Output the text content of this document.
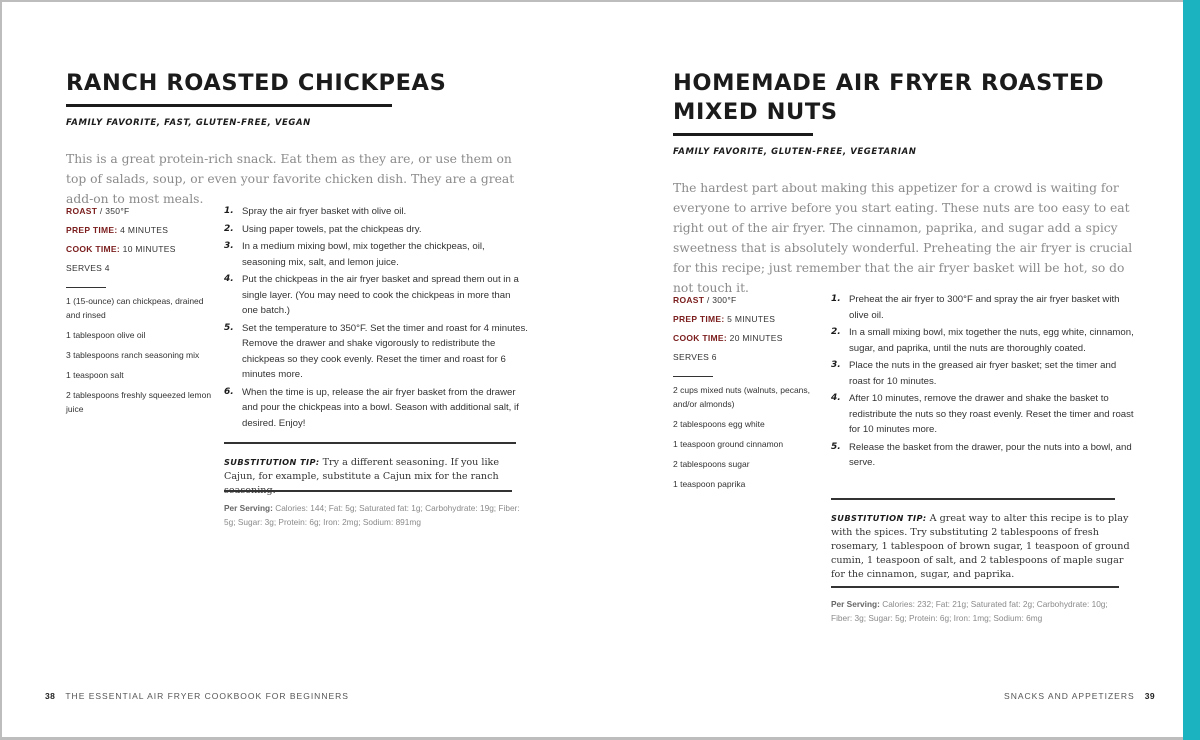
RANCH ROASTED CHICKPEAS
FAMILY FAVORITE, FAST, GLUTEN-FREE, VEGAN
This is a great protein-rich snack. Eat them as they are, or use them on top of salads, soup, or even your favorite chicken dish. They are a great add-on to most meals.
ROAST / 350°F
PREP TIME: 4 MINUTES
COOK TIME: 10 MINUTES
SERVES 4
1 (15-ounce) can chickpeas, drained and rinsed
1 tablespoon olive oil
3 tablespoons ranch seasoning mix
1 teaspoon salt
2 tablespoons freshly squeezed lemon juice
1. Spray the air fryer basket with olive oil.
2. Using paper towels, pat the chickpeas dry.
3. In a medium mixing bowl, mix together the chickpeas, oil, seasoning mix, salt, and lemon juice.
4. Put the chickpeas in the air fryer basket and spread them out in a single layer. (You may need to cook the chickpeas in more than one batch.)
5. Set the temperature to 350°F. Set the timer and roast for 4 minutes. Remove the drawer and shake vigorously to redistribute the chickpeas so they cook evenly. Reset the timer and roast for 6 minutes more.
6. When the time is up, release the air fryer basket from the drawer and pour the chickpeas into a bowl. Season with additional salt, if desired. Enjoy!
SUBSTITUTION TIP: Try a different seasoning. If you like Cajun, for example, substitute a Cajun mix for the ranch
Per Serving: Calories: 144; Fat: 5g; Saturated fat: 1g; Carbohydrate: 19g; Fiber: 5g; Sugar: 3g; Protein: 6g; Iron: 2mg; Sodium: 891mg
38 THE ESSENTIAL AIR FRYER COOKBOOK FOR BEGINNERS
HOMEMADE AIR FRYER ROASTED
MIXED NUTS
FAMILY FAVORITE, GLUTEN-FREE, VEGETARIAN
The hardest part about making this appetizer for a crowd is waiting for everyone to arrive before you start eating. These nuts are too easy to eat right out of the air fryer. The cinnamon, paprika, and sugar add a spicy sweetness that is absolutely wonderful. Preheating the air fryer is crucial for this recipe; just remember that the air fryer basket will be hot, so do not touch it.
ROAST / 300°F
PREP TIME: 5 MINUTES
COOK TIME: 20 MINUTES
SERVES 6
2 cups mixed nuts (walnuts, pecans, and/or almonds)
2 tablespoons egg white
1 teaspoon ground cinnamon
2 tablespoons sugar
1 teaspoon paprika
1. Preheat the air fryer to 300°F and spray the air fryer basket with olive oil.
2. In a small mixing bowl, mix together the nuts, egg white, cinnamon, sugar, and paprika, until the nuts are thoroughly coated.
3. Place the nuts in the greased air fryer basket; set the timer and roast for 10 minutes.
4. After 10 minutes, remove the drawer and shake the basket to redistribute the nuts so they roast evenly. Reset the timer and roast for 10 minutes more.
5. Release the basket from the drawer, pour the nuts into a bowl, and serve.
SUBSTITUTION TIP: A great way to alter this recipe is to play with the spices. Try substituting 2 tablespoons of fresh rosemary, 1 tablespoon of brown sugar, 1 teaspoon of ground cumin, 1 teaspoon of salt, and 2 tablespoons of maple sugar for the cinnamon, sugar, and paprika.
Per Serving: Calories: 232; Fat: 21g; Saturated fat: 2g; Carbohydrate: 10g; Fiber: 3g; Sugar: 5g; Protein: 6g; Iron: 1mg; Sodium: 6mg
SNACKS AND APPETIZERS 39
